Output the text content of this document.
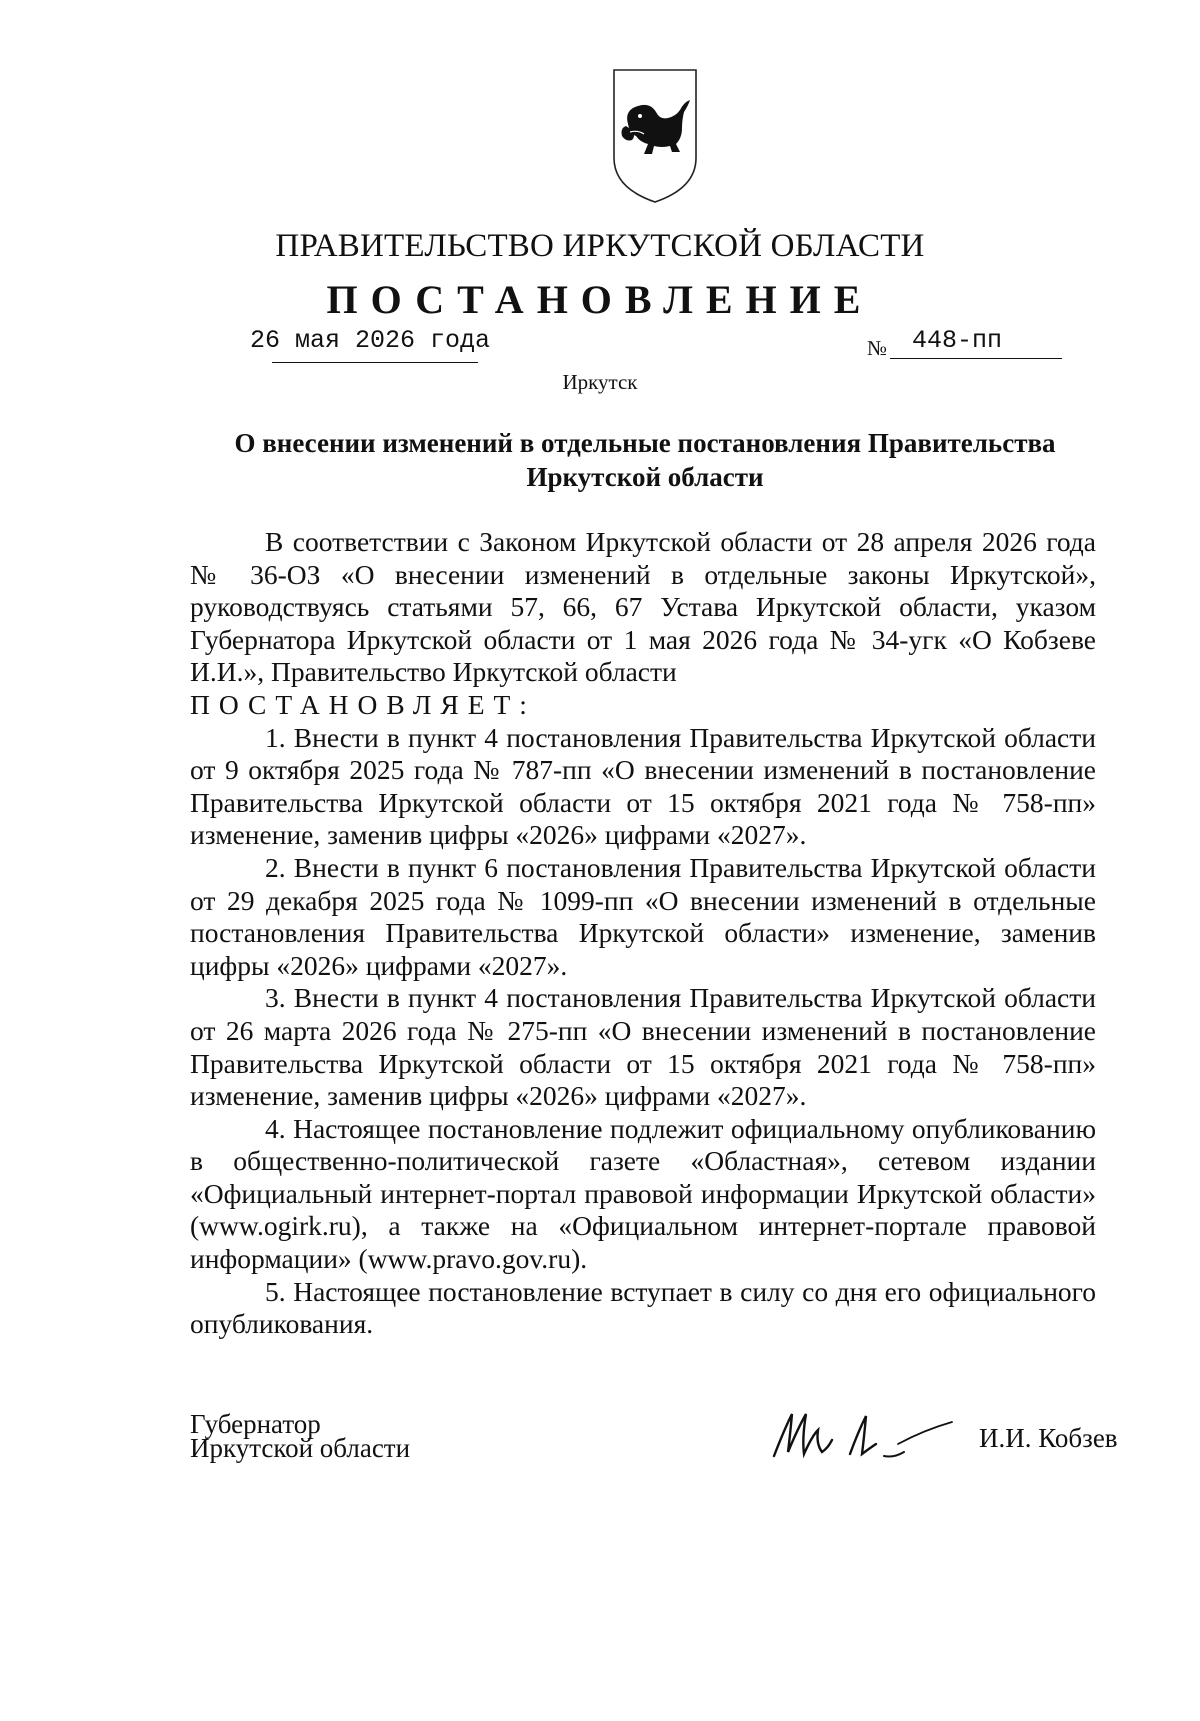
ПРАВИТЕЛЬСТВО ИРКУТСКОЙ ОБЛАСТИ
ПОСТАНОВЛЕНИЕ
26 мая 2026 года	№ 448-пп
Иркутск
О внесении изменений в отдельные постановления Правительства
Иркутской области

В соответствии с Законом Иркутской области от 28 апреля 2026 года № 36-ОЗ «О внесении изменений в отдельные законы Иркутской», руководствуясь статьями 57, 66, 67 Устава Иркутской области, указом Губернатора Иркутской области от 1 мая 2026 года № 34-угк «О Кобзеве И.И.», Правительство Иркутской области

ПОСТАНОВЛЯЕТ:

1. Внести в пункт 4 постановления Правительства Иркутской области от 9 октября 2025 года № 787-пп «О внесении изменений в постановление Правительства Иркутской области от 15 октября 2021 года № 758-пп» изменение, заменив цифры «2026» цифрами «2027».

2. Внести в пункт 6 постановления Правительства Иркутской области от 29 декабря 2025 года № 1099-пп «О внесении изменений в отдельные постановления Правительства Иркутской области» изменение, заменив цифры «2026» цифрами «2027».

3. Внести в пункт 4 постановления Правительства Иркутской области от 26 марта 2026 года № 275-пп «О внесении изменений в постановление Правительства Иркутской области от 15 октября 2021 года № 758-пп» изменение, заменив цифры «2026» цифрами «2027».

4. Настоящее постановление подлежит официальному опубликованию в общественно-политической газете «Областная», сетевом издании «Официальный интернет-портал правовой информации Иркутской области» (www.ogirk.ru), а также на «Официальном интернет-портале правовой информации» (www.pravo.gov.ru).

5. Настоящее постановление вступает в силу со дня его официального опубликования.

Губернатор
Иркутской области	И.И. Кобзев
